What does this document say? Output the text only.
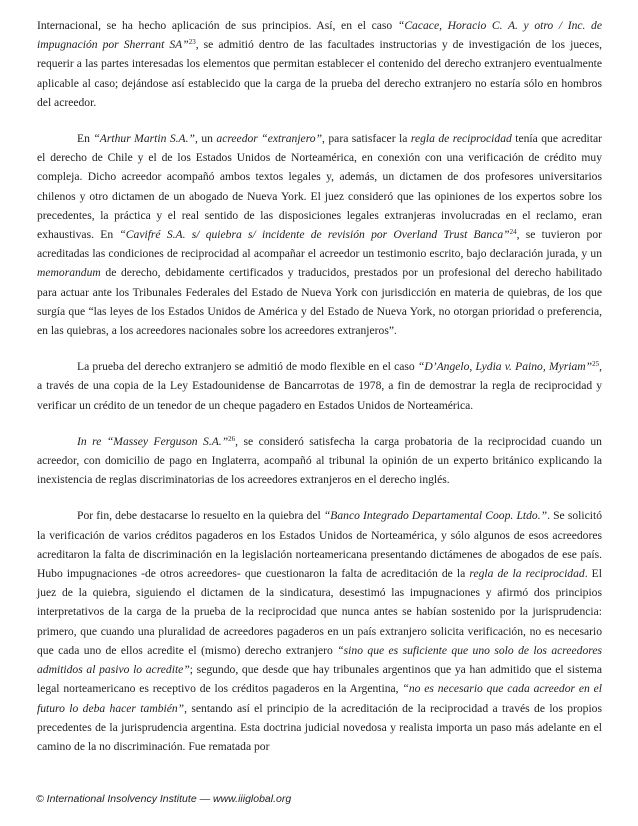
Internacional, se ha hecho aplicación de sus principios. Así, en el caso “Cacace, Horacio C. A. y otro / Inc. de impugnación por Sherrant SA”$^{23}$, se admitió dentro de las facultades instructorias y de investigación de los jueces, requerir a las partes interesadas los elementos que permitan establecer el contenido del derecho extranjero eventualmente aplicable al caso; dejándose así establecido que la carga de la prueba del derecho extranjero no estaría sólo en hombros del acreedor.

En “Arthur Martin S.A.”, un acreedor “extranjero”, para satisfacer la regla de reciprocidad tenía que acreditar el derecho de Chile y el de los Estados Unidos de Norteamérica, en conexión con una verificación de crédito muy compleja. Dicho acreedor acompañó ambos textos legales y, además, un dictamen de dos profesores universitarios chilenos y otro dictamen de un abogado de Nueva York. El juez consideró que las opiniones de los expertos sobre los precedentes, la práctica y el real sentido de las disposiciones legales extranjeras involucradas en el reclamo, eran exhaustivas. En “Cavifré S.A. s/ quiebra s/ incidente de revisión por Overland Trust Banca”$^{24}$, se tuvieron por acreditadas las condiciones de reciprocidad al acompañar el acreedor un testimonio escrito, bajo declaración jurada, y un memorandum de derecho, debidamente certificados y traducidos, prestados por un profesional del derecho habilitado para actuar ante los Tribunales Federales del Estado de Nueva York con jurisdicción en materia de quiebras, de los que surgía que “las leyes de los Estados Unidos de América y del Estado de Nueva York, no otorgan prioridad o preferencia, en las quiebras, a los acreedores nacionales sobre los acreedores extranjeros”.

La prueba del derecho extranjero se admitió de modo flexible en el caso “D’Angelo, Lydia v. Paino, Myriam”$^{25}$, a través de una copia de la Ley Estadounidense de Bancarrotas de 1978, a fin de demostrar la regla de reciprocidad y verificar un crédito de un tenedor de un cheque pagadero en Estados Unidos de Norteamérica.

In re “Massey Ferguson S.A.”$^{26}$, se consideró satisfecha la carga probatoria de la reciprocidad cuando un acreedor, con domicilio de pago en Inglaterra, acompañó al tribunal la opinión de un experto británico explicando la inexistencia de reglas discriminatorias de los acreedores extranjeros en el derecho inglés.

Por fin, debe destacarse lo resuelto en la quiebra del “Banco Integrado Departamental Coop. Ltdo.”. Se solicitó la verificación de varios créditos pagaderos en los Estados Unidos de Norteamérica, y sólo algunos de esos acreedores acreditaron la falta de discriminación en la legislación norteamericana presentando dictámenes de abogados de ese país. Hubo impugnaciones -de otros acreedores- que cuestionaron la falta de acreditación de la regla de la reciprocidad. El juez de la quiebra, siguiendo el dictamen de la sindicatura, desestimó las impugnaciones y afirmó dos principios interpretativos de la carga de la prueba de la reciprocidad que nunca antes se habían sostenido por la jurisprudencia: primero, que cuando una pluralidad de acreedores pagaderos en un país extranjero solicita verificación, no es necesario que cada uno de ellos acredite el (mismo) derecho extranjero “sino que es suficiente que uno solo de los acreedores admitidos al pasivo lo acredite”; segundo, que desde que hay tribunales argentinos que ya han admitido que el sistema legal norteamericano es receptivo de los créditos pagaderos en la Argentina, “no es necesario que cada acreedor en el futuro lo deba hacer también”, sentando así el principio de la acreditación de la reciprocidad a través de los propios precedentes de la jurisprudencia argentina. Esta doctrina judicial novedosa y realista importa un paso más adelante en el camino de la no discriminación. Fue rematada por

© International Insolvency Institute — www.iiiglobal.org
